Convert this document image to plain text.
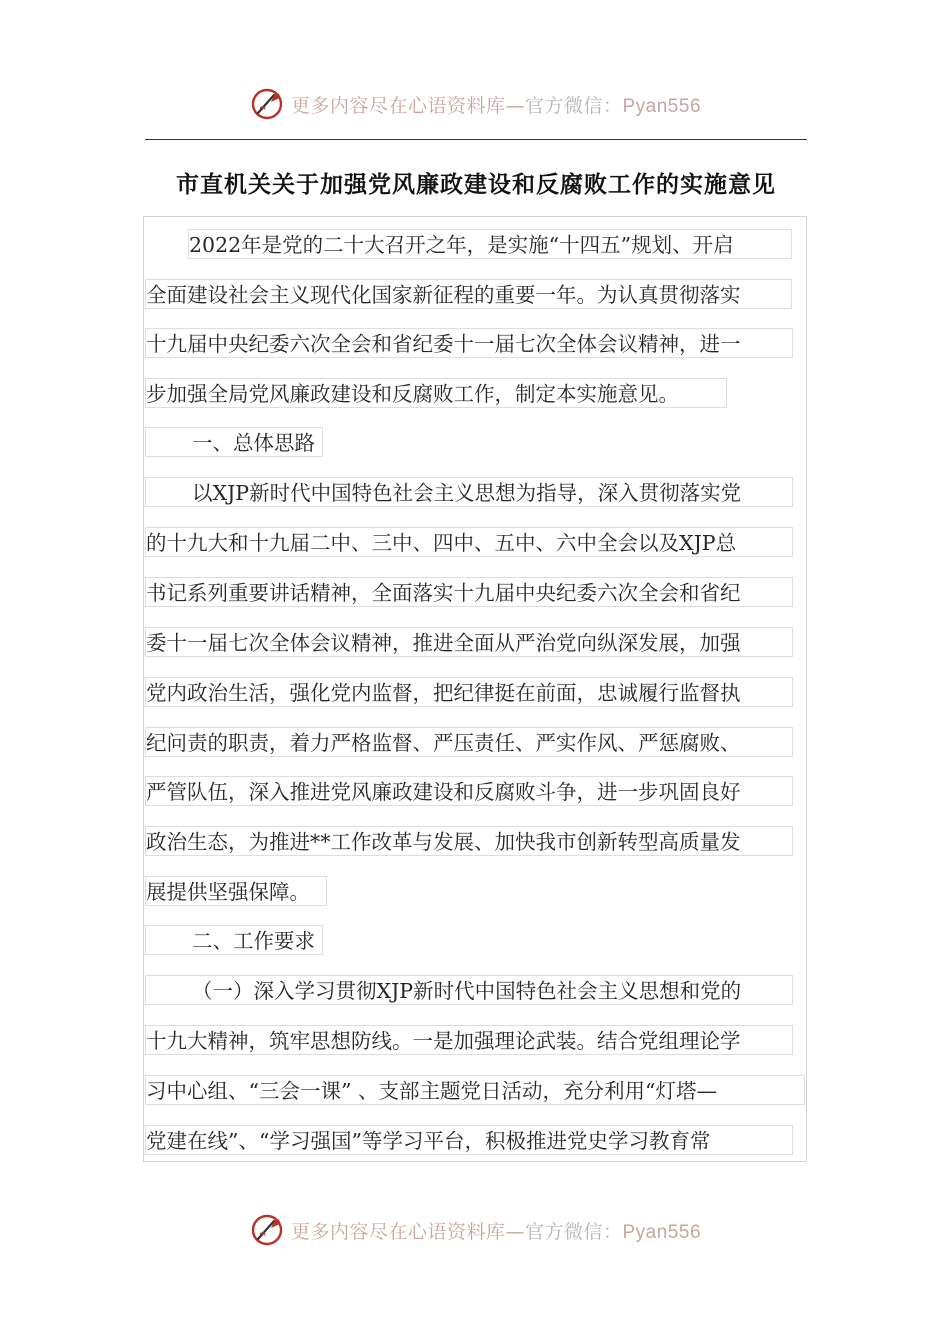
更多内容尽在心语资料库—官方微信：Pyan556
市直机关关于加强党风廉政建设和反腐败工作的实施意见
2022年是党的二十大召开之年，是实施“十四五”规划、开启
全面建设社会主义现代化国家新征程的重要一年。为认真贯彻落实
十九届中央纪委六次全会和省纪委十一届七次全体会议精神，进一
步加强全局党风廉政建设和反腐败工作，制定本实施意见。
一、总体思路
以XJP新时代中国特色社会主义思想为指导，深入贯彻落实党
的十九大和十九届二中、三中、四中、五中、六中全会以及XJP总
书记系列重要讲话精神，全面落实十九届中央纪委六次全会和省纪
委十一届七次全体会议精神，推进全面从严治党向纵深发展，加强
党内政治生活，强化党内监督，把纪律挺在前面，忠诚履行监督执
纪问责的职责，着力严格监督、严压责任、严实作风、严惩腐败、
严管队伍，深入推进党风廉政建设和反腐败斗争，进一步巩固良好
政治生态，为推进**工作改革与发展、加快我市创新转型高质量发
展提供坚强保障。
二、工作要求
（一）深入学习贯彻XJP新时代中国特色社会主义思想和党的
十九大精神，筑牢思想防线。一是加强理论武装。结合党组理论学
习中心组、“三会一课” 、支部主题党日活动，充分利用“灯塔—
党建在线”、“学习强国”等学习平台，积极推进党史学习教育常
更多内容尽在心语资料库—官方微信：Pyan556
